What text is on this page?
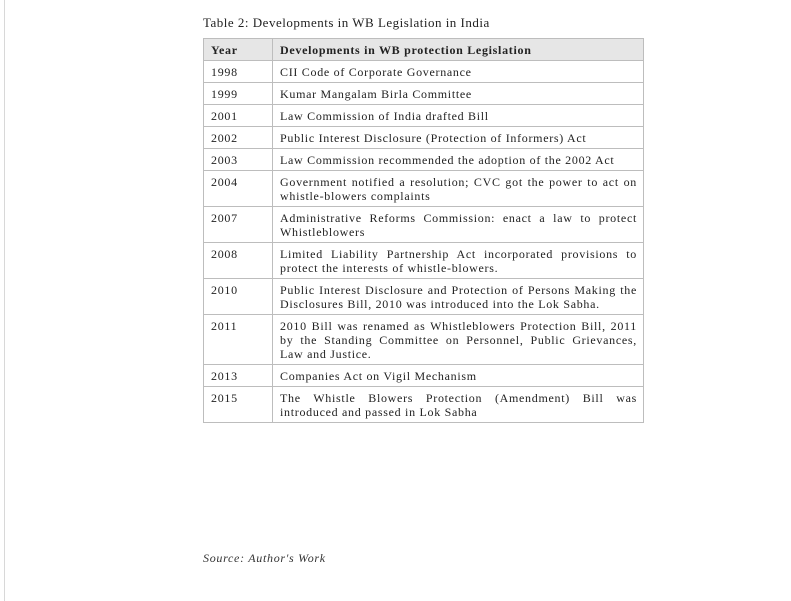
Table 2: Developments in WB Legislation in India
Year	Developments in WB protection Legislation
1998	CII Code of Corporate Governance
1999	Kumar Mangalam Birla Committee
2001	Law Commission of India drafted Bill
2002	Public Interest Disclosure (Protection of Informers) Act
2003	Law Commission recommended the adoption of the 2002 Act
2004	Government notified a resolution; CVC got the power to act on whistle-blowers complaints
2007	Administrative Reforms Commission: enact a law to protect Whistleblowers
2008	Limited Liability Partnership Act incorporated provisions to protect the interests of whistle-blowers.
2010	Public Interest Disclosure and Protection of Persons Making the Disclosures Bill, 2010 was introduced into the Lok Sabha.
2011	2010 Bill was renamed as Whistleblowers Protection Bill, 2011 by the Standing Committee on Personnel, Public Grievances, Law and Justice.
2013	Companies Act on Vigil Mechanism
2015	The Whistle Blowers Protection (Amendment) Bill was introduced and passed in Lok Sabha
Source: Author's Work
